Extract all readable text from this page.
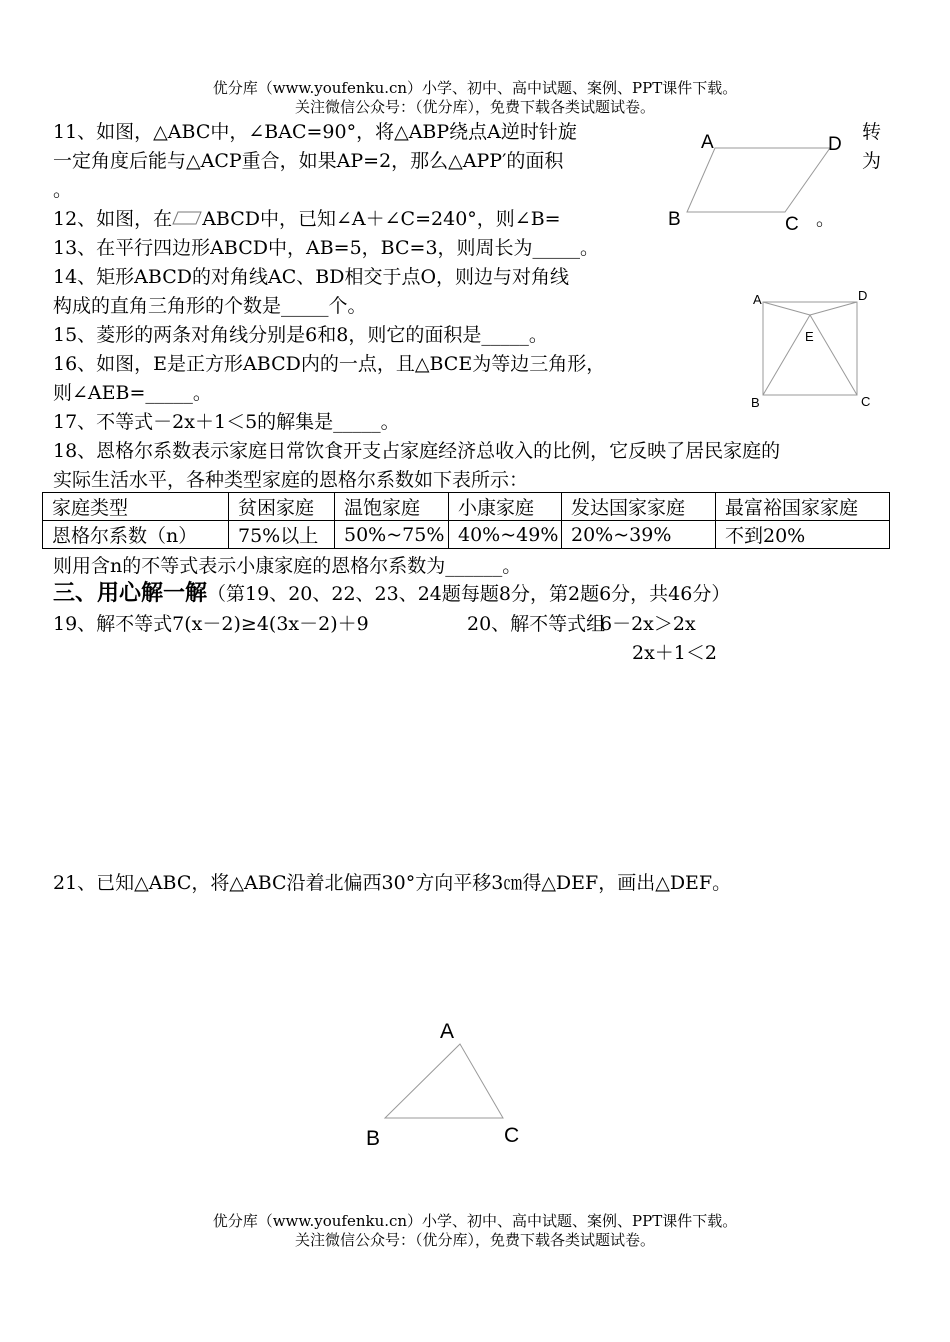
优分库（www.youfenku.cn）小学、初中、高中试题、案例、PPT课件下载。
关注微信公众号：（优分库），免费下载各类试题试卷。
11、如图，△ABC中，∠BAC=90°，将△ABP绕点A逆时针旋	转
一定角度后能与△ACP重合，如果AP=2，那么△APP′的面积	为
。
A	D
B	C
12、如图，在 ABCD中，已知∠A＋∠C=240°，则∠B=	。
13、在平行四边形ABCD中，AB=5，BC=3，则周长为_____。
14、矩形ABCD的对角线AC、BD相交于点O，则边与对角线
构成的直角三角形的个数是_____个。	A	D
E
B	C
15、菱形的两条对角线分别是6和8，则它的面积是_____。
16、如图，E是正方形ABCD内的一点，且△BCE为等边三角形，
则∠AEB=_____。
17、不等式－2x＋1＜5的解集是_____。
18、恩格尔系数表示家庭日常饮食开支占家庭经济总收入的比例，它反映了居民家庭的
实际生活水平，各种类型家庭的恩格尔系数如下表所示：
家庭类型	贫困家庭	温饱家庭	小康家庭	发达国家家庭	最富裕国家家庭
恩格尔系数（n）	75%以上	50%~75%	40%~49%	20%~39%	不到20%
则用含n的不等式表示小康家庭的恩格尔系数为______。
三、用心解一解（第19、20、22、23、24题每题8分，第2题6分，共46分）
19、解不等式7(x－2)≥4(3x－2)＋9	20、解不等式组
6－2x＞2x
2x＋1＜2
21、已知△ABC，将△ABC沿着北偏西30°方向平移3㎝得△DEF，画出△DEF。
A
B	C
优分库（www.youfenku.cn）小学、初中、高中试题、案例、PPT课件下载。
关注微信公众号：（优分库），免费下载各类试题试卷。
